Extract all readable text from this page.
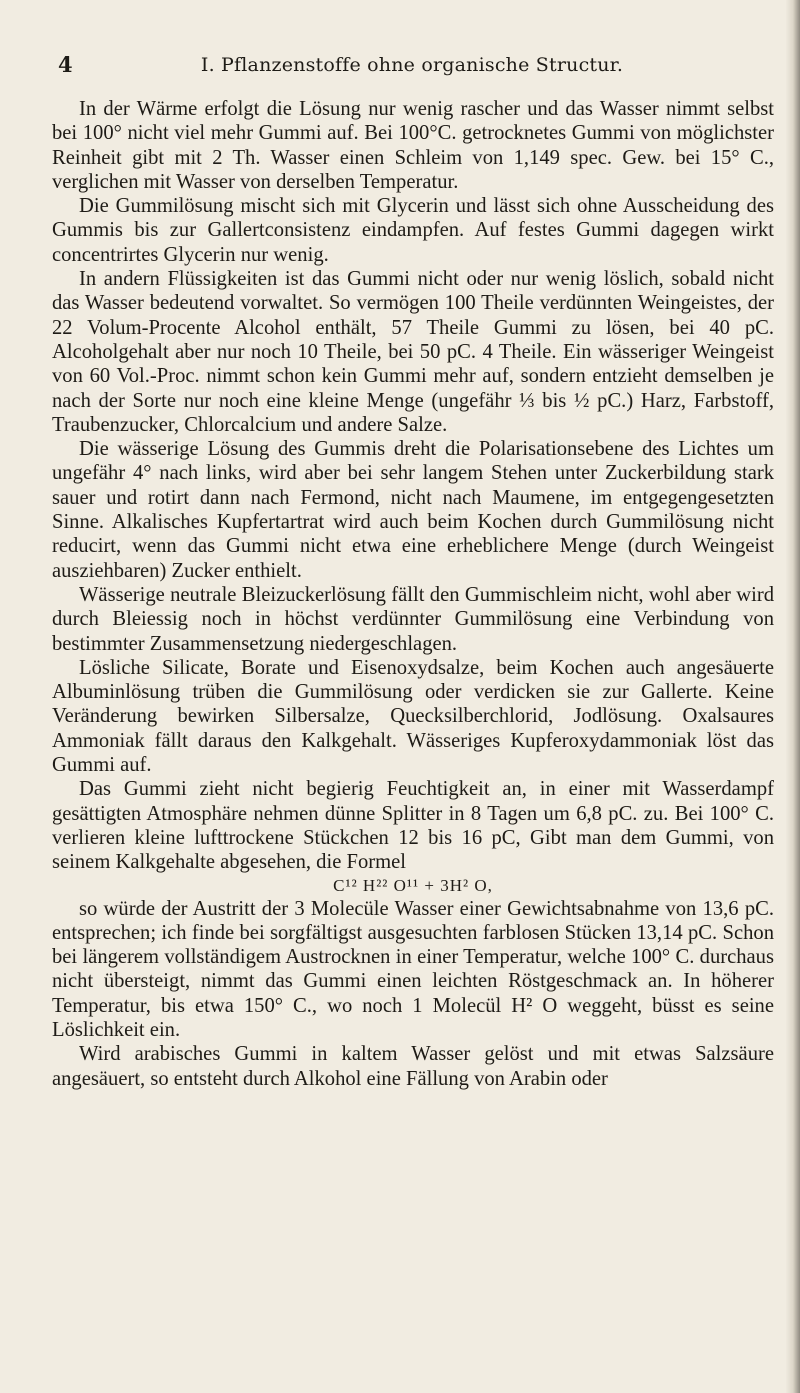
4	I. Pflanzenstoffe ohne organische Structur.

In der Wärme erfolgt die Lösung nur wenig rascher und das Wasser nimmt selbst bei 100° nicht viel mehr Gummi auf. Bei 100°C. getrocknetes Gummi von möglichster Reinheit gibt mit 2 Th. Wasser einen Schleim von 1,149 spec. Gew. bei 15° C., verglichen mit Wasser von derselben Temperatur.

Die Gummilösung mischt sich mit Glycerin und lässt sich ohne Ausscheidung des Gummis bis zur Gallertconsistenz eindampfen. Auf festes Gummi dagegen wirkt concentrirtes Glycerin nur wenig.

In andern Flüssigkeiten ist das Gummi nicht oder nur wenig löslich, sobald nicht das Wasser bedeutend vorwaltet. So vermögen 100 Theile verdünnten Weingeistes, der 22 Volum-Procente Alcohol enthält, 57 Theile Gummi zu lösen, bei 40 pC. Alcoholgehalt aber nur noch 10 Theile, bei 50 pC. 4 Theile. Ein wässeriger Weingeist von 60 Vol.-Proc. nimmt schon kein Gummi mehr auf, sondern entzieht demselben je nach der Sorte nur noch eine kleine Menge (ungefähr ⅓ bis ½ pC.) Harz, Farbstoff, Traubenzucker, Chlorcalcium und andere Salze.

Die wässerige Lösung des Gummis dreht die Polarisationsebene des Lichtes um ungefähr 4° nach links, wird aber bei sehr langem Stehen unter Zuckerbildung stark sauer und rotirt dann nach Fermond, nicht nach Maumene, im entgegengesetzten Sinne. Alkalisches Kupfertartrat wird auch beim Kochen durch Gummilösung nicht reducirt, wenn das Gummi nicht etwa eine erheblichere Menge (durch Weingeist ausziehbaren) Zucker enthielt.

Wässerige neutrale Bleizuckerlösung fällt den Gummischleim nicht, wohl aber wird durch Bleiessig noch in höchst verdünnter Gummilösung eine Verbindung von bestimmter Zusammensetzung niedergeschlagen.

Lösliche Silicate, Borate und Eisenoxydsalze, beim Kochen auch angesäuerte Albuminlösung trüben die Gummilösung oder verdicken sie zur Gallerte. Keine Veränderung bewirken Silbersalze, Quecksilberchlorid, Jodlösung. Oxalsaures Ammoniak fällt daraus den Kalkgehalt. Wässeriges Kupferoxydammoniak löst das Gummi auf.

Das Gummi zieht nicht begierig Feuchtigkeit an, in einer mit Wasserdampf gesättigten Atmosphäre nehmen dünne Splitter in 8 Tagen um 6,8 pC. zu. Bei 100° C. verlieren kleine lufttrockene Stückchen 12 bis 16 pC, Gibt man dem Gummi, von seinem Kalkgehalte abgesehen, die Formel

C¹² H²² O¹¹ + 3H² O,

so würde der Austritt der 3 Molecüle Wasser einer Gewichtsabnahme von 13,6 pC. entsprechen; ich finde bei sorgfältigst ausgesuchten farblosen Stücken 13,14 pC. Schon bei längerem vollständigem Austrocknen in einer Temperatur, welche 100° C. durchaus nicht übersteigt, nimmt das Gummi einen leichten Röstgeschmack an. In höherer Temperatur, bis etwa 150° C., wo noch 1 Molecül H² O weggeht, büsst es seine Löslichkeit ein.

Wird arabisches Gummi in kaltem Wasser gelöst und mit etwas Salzsäure angesäuert, so entsteht durch Alkohol eine Fällung von Arabin oder
